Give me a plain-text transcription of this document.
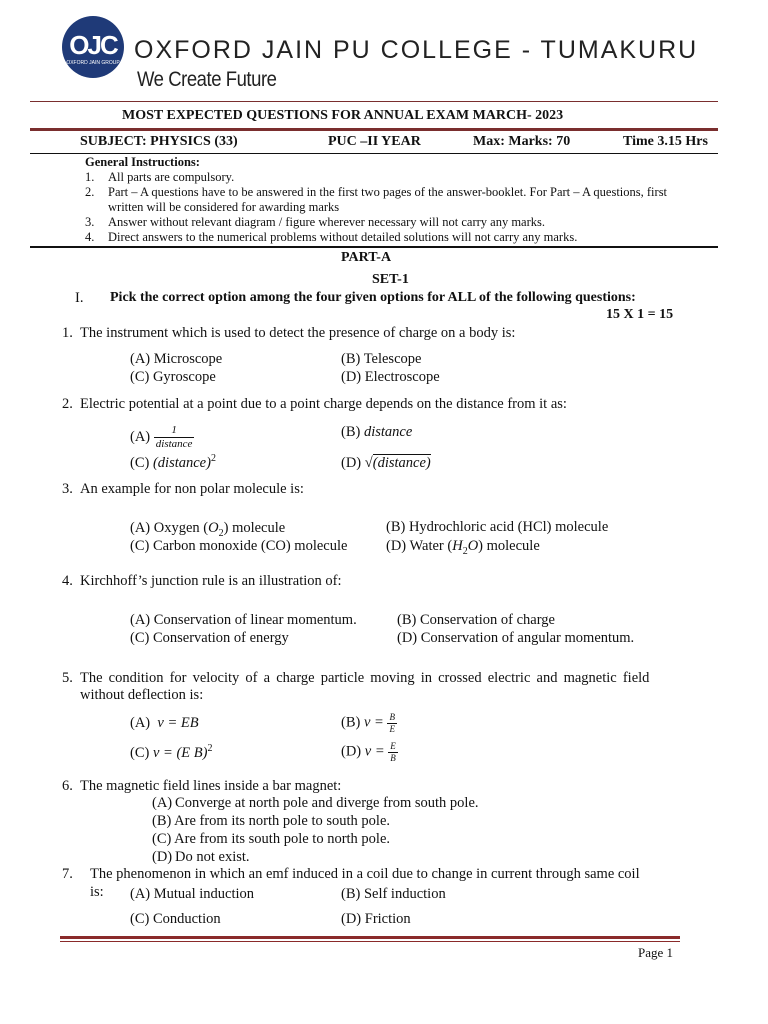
OJC
OXFORD JAIN GROUP OXFORD JAIN PU COLLEGE - TUMAKURU
We Create Future
MOST EXPECTED QUESTIONS FOR ANNUAL EXAM MARCH- 2023
SUBJECT: PHYSICS (33)	PUC –II YEAR	Max: Marks: 70	Time 3.15 Hrs
General Instructions:
1. All parts are compulsory.
2. Part – A questions have to be answered in the first two pages of the answer-booklet. For Part – A questions, first
written will be considered for awarding marks
3. Answer without relevant diagram / figure wherever necessary will not carry any marks.
4. Direct answers to the numerical problems without detailed solutions will not carry any marks.
PART-A
SET-1
I. Pick the correct option among the four given options for ALL of the following questions:
15 X 1 = 15
1. The instrument which is used to detect the presence of charge on a body is:
(A) Microscope	(B) Telescope
(C) Gyroscope	(D) Electroscope
2. Electric potential at a point due to a point charge depends on the distance from it as:
$(A) \frac{1}{\text{distance}}$	(B) distance
(C) (distance)$^2$	(D) √(distance)
3. An example for non polar molecule is:
(A) Oxygen $(O_2)$ molecule	(B) Hydrochloric acid (HCl) molecule
(C) Carbon monoxide (CO) molecule	(D) Water $(H_2O)$ molecule
4. Kirchhoff’s junction rule is an illustration of:
(A) Conservation of linear momentum.	(B) Conservation of charge
(C) Conservation of energy	(D) Conservation of angular momentum.
5. The condition for velocity of a charge particle moving in crossed electric and magnetic field
without deflection is:
(A) v = EB	(B) $v = \frac{B}{E}$
(C) v = (E B)$^2$	(D) $v = \frac{E}{B}$
6. The magnetic field lines inside a bar magnet:
(A) Converge at north pole and diverge from south pole.
(B) Are from its north pole to south pole.
(C) Are from its south pole to north pole.
(D) Do not exist.
7. The phenomenon in which an emf induced in a coil due to change in current through same coil
is: (A) Mutual induction	(B) Self induction
(C) Conduction	(D) Friction
Page 1
